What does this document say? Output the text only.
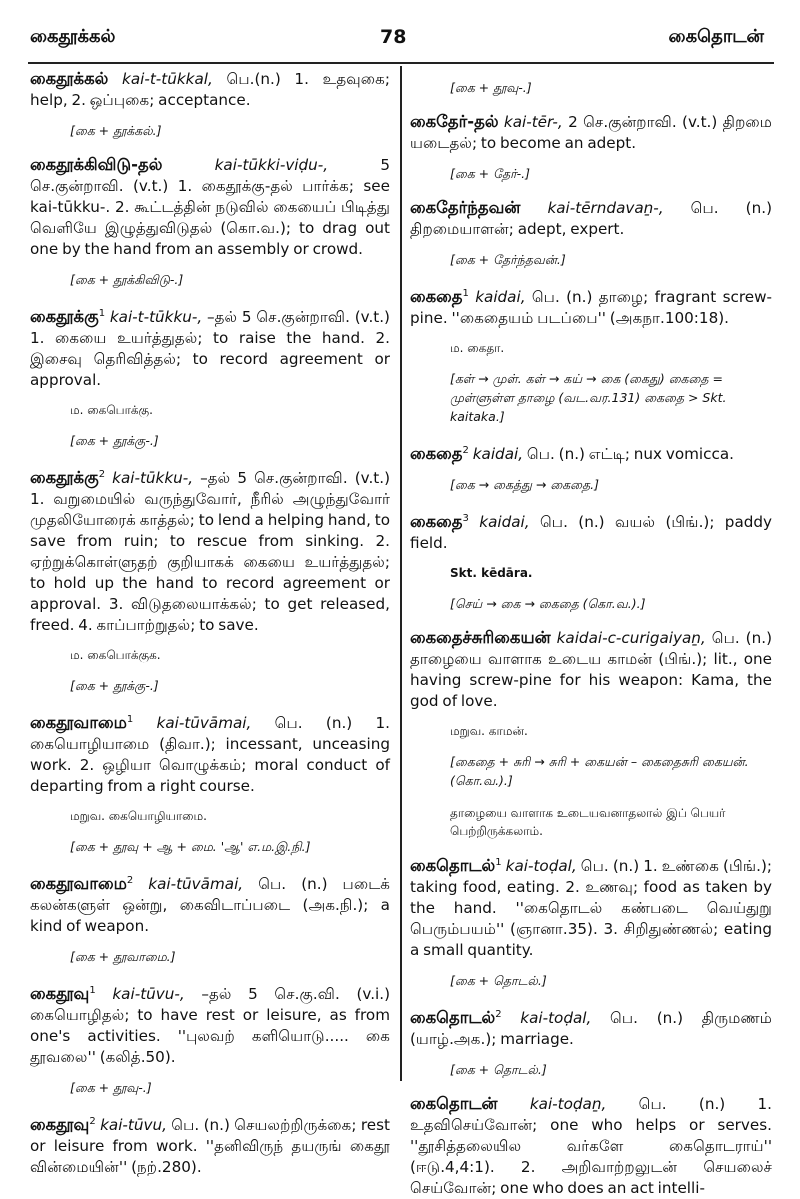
கைதூக்கல்	78	கைதொடன்

கைதூக்கல் kai-t-tūkkal, பெ.(n.) 1. உதவுகை; help, 2. ஒப்புகை; acceptance.

[கை + தூக்கல்.]

கைதூக்கிவிடு-தல்	kai-tūkki-viḍu-,	5 செ.குன்றாவி. (v.t.) 1. கைதூக்கு-தல் பார்க்க; see kai-tūkku-. 2. கூட்டத்தின் நடுவில் கையைப் பிடித்து வெளியே இழுத்துவிடுதல் (கொ.வ.); to drag out one by the hand from an assembly or crowd.

[கை + தூக்கிவிடு-.]

கைதூக்கு$^1$ kai-t-tūkku-, –தல் 5 செ.குன்றாவி. (v.t.) 1. கையை உயர்த்துதல்; to raise the hand. 2. இசைவு தெரிவித்தல்; to record agreement or approval.

ம. கைபொக்கு.
[கை + தூக்கு-.]

கைதூக்கு$^2$ kai-tūkku-, –தல் 5 செ.குன்றாவி. (v.t.) 1. வறுமையில் வருந்துவோர், நீரில் அழுந்துவோர் முதலியோரைக் காத்தல்; to lend a helping hand, to save from ruin; to rescue from sinking. 2. ஏற்றுக்கொள்ளுதற் குறியாகக் கையை உயர்த்துதல்; to hold up the hand to record agreement or approval. 3. விடுதலையாக்கல்; to get released, freed. 4. காப்பாற்றுதல்; to save.

ம. கைபொக்குக.
[கை + தூக்கு-.]

கைதூவாமை$^1$ kai-tūvāmai, பெ. (n.) 1. கையொழியாமை (திவா.); incessant, unceasing work. 2. ஒழியா வொழுக்கம்; moral conduct of departing from a right course.

மறுவ. கையொழியாமை.
[கை + தூவு + ஆ + மை. 'ஆ' எ.ம.இ.நி.]

கைதூவாமை$^2$ kai-tūvāmai, பெ. (n.) படைக் கலன்களுள் ஒன்று, கைவிடாப்படை (அக.நி.); a kind of weapon.

[கை + தூவாமை.]

கைதூவு$^1$ kai-tūvu-, –தல் 5 செ.கு.வி. (v.i.) கையொழிதல்; to have rest or leisure, as from one's activities. ''புலவற் களியொடு..... கை தூவலை'' (கலித்.50).

[கை + தூவு-.]

கைதூவு$^2$ kai-tūvu, பெ. (n.) செயலற்றிருக்கை; rest or leisure from work. ''தனிவிருந் தயருங் கைதூ வின்மையின்'' (நற்.280).

[கை + தூவு-.]

கைதேர்-தல் kai-tēr-, 2 செ.குன்றாவி. (v.t.) திறமை யடைதல்; to become an adept.

[கை + தேர்-.]

கைதேர்ந்தவன் kai-tērndavaṉ-, பெ. (n.) திறமையாளன்; adept, expert.

[கை + தேர்ந்தவன்.]

கைதை$^1$ kaidai, பெ. (n.) தாழை; fragrant screw-pine. ''கைதையம் படப்பை'' (அகநா.100:18).

ம. கைதா.
[கள் → முள். கள் → கய் → கை (கைது) கைதை = முள்ளுள்ள தாழை (வட.வர.131) கைதை > Skt. kaitaka.]

கைதை$^2$ kaidai, பெ. (n.) எட்டி; nux vomicca.

[கை → கைத்து → கைதை.]

கைதை$^3$ kaidai, பெ. (n.) வயல் (பிங்.); paddy field.

Skt. kēdāra.
[செய் → கை → கைதை (கொ.வ.).]

கைதைச்சுரிகையன் kaidai-c-curigaiyaṉ, பெ. (n.) தாழையை வாளாக உடைய காமன் (பிங்.); lit., one having screw-pine for his weapon: Kama, the god of love.

மறுவ. காமன்.
[கைதை + சுரி → சுரி + கையன் – கைதைசுரி கையன். (கொ.வ.).]
தாழையை வாளாக உடையவனாதலால் இப் பெயர் பெற்றிருக்கலாம்.

கைதொடல்$^1$ kai-toḍal, பெ. (n.) 1. உண்கை (பிங்.); taking food, eating. 2. உணவு; food as taken by the hand. ''கைதொடல் கண்படை வெய்துறு பெரும்பயம்'' (ஞானா.35). 3. சிறிதுண்ணல்; eating a small quantity.

[கை + தொடல்.]

கைதொடல்$^2$ kai-toḍal, பெ. (n.) திருமணம் (யாழ்.அக.); marriage.

[கை + தொடல்.]

கைதொடன் kai-toḍaṉ, பெ. (n.) 1. உதவிசெய்வோன்; one who helps or serves. ''தூசித்தலையில வர்களே கைதொடராய்'' (ஈடு.4,4:1). 2. அறிவாற்றலுடன் செயலைச் செய்வோன்; one who does an act intelli-
